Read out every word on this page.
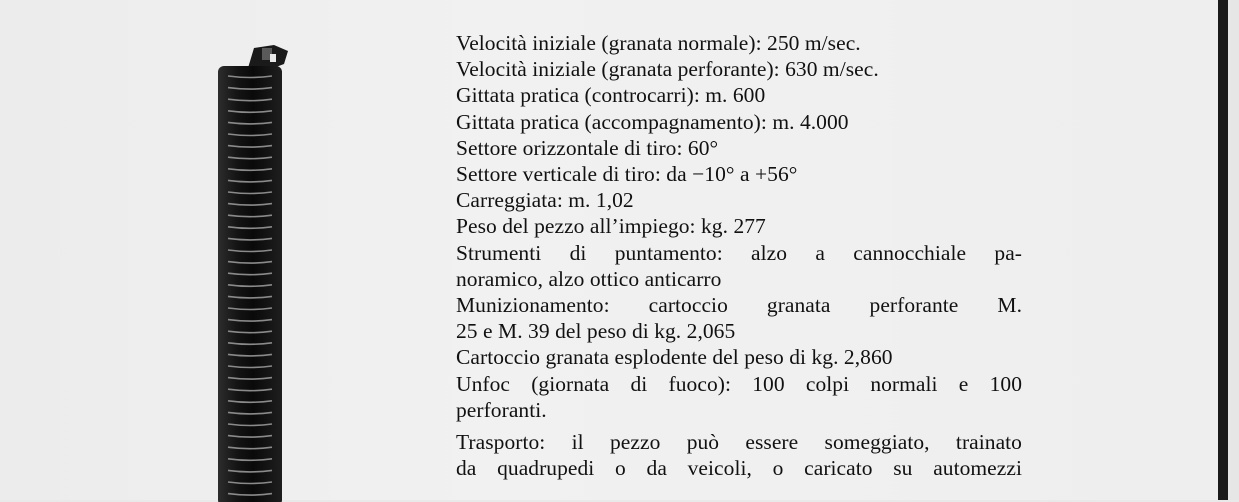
Velocità iniziale (granata normale): 250 m/sec.
Velocità iniziale (granata perforante): 630 m/sec.
Gittata pratica (controcarri): m. 600
Gittata pratica (accompagnamento): m. 4.000
Settore orizzontale di tiro: 60°
Settore verticale di tiro: da −10° a +56°
Carreggiata: m. 1,02
Peso del pezzo all’impiego: kg. 277
Strumenti di puntamento: alzo a cannocchiale pa-
noramico, alzo ottico anticarro
Munizionamento: cartoccio granata perforante M.
25 e M. 39 del peso di kg. 2,065
Cartoccio granata esplodente del peso di kg. 2,860
Unfoc (giornata di fuoco): 100 colpi normali e 100
perforanti.
Trasporto: il pezzo può essere someggiato, trainato
da quadrupedi o da veicoli, o caricato su automezzi
